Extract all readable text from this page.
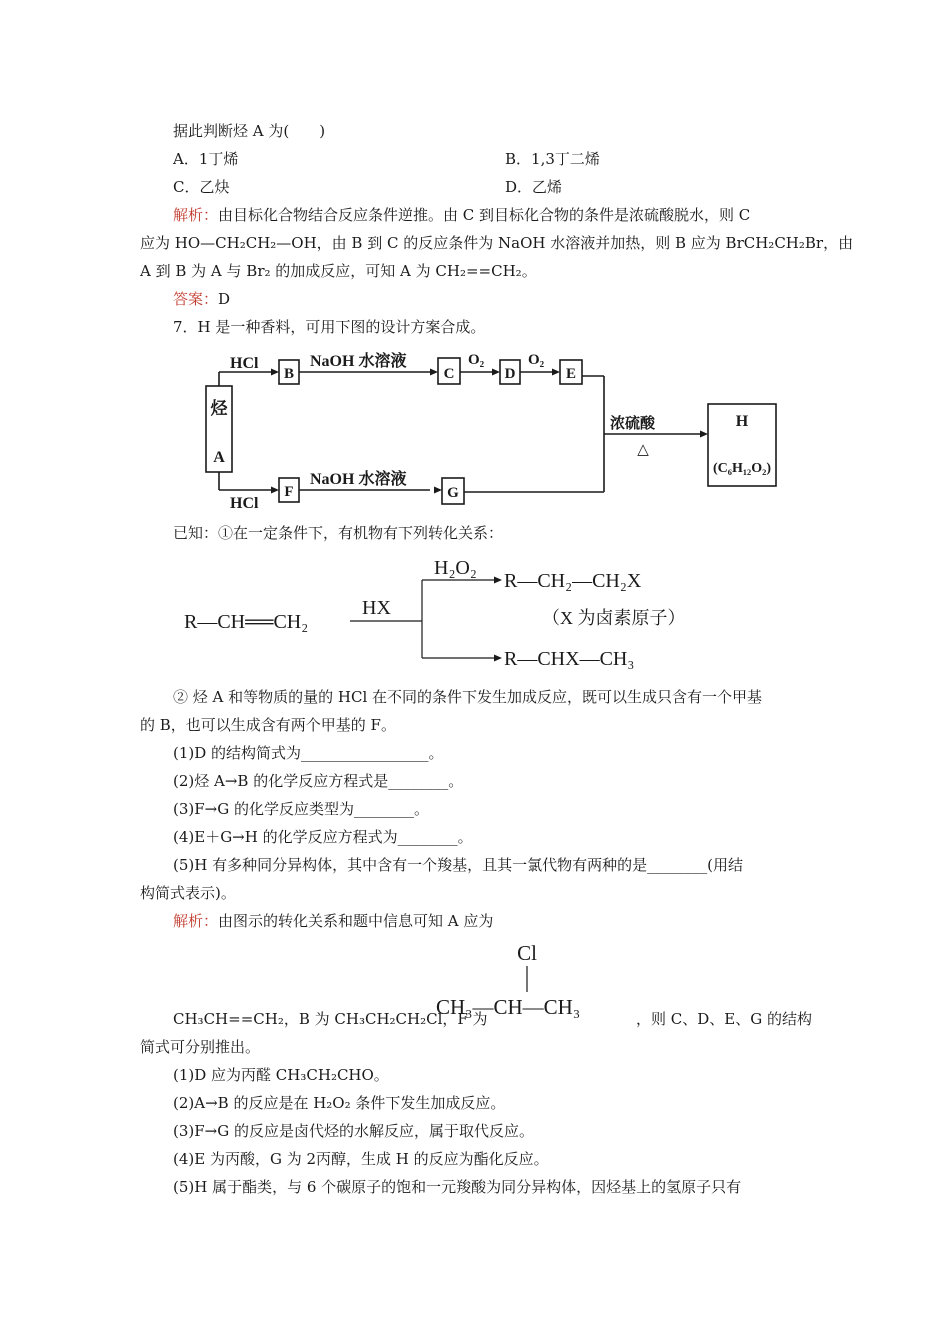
据此判断烃 A 为(　　)
A．1丁烯	B．1,3丁二烯
C．乙炔	D．乙烯
解析：由目标化合物结合反应条件逆推。由 C 到目标化合物的条件是浓硫酸脱水，则 C
应为 HO—CH₂CH₂—OH，由 B 到 C 的反应条件为 NaOH 水溶液并加热，则 B 应为 BrCH₂CH₂Br，由
A 到 B 为 A 与 Br₂ 的加成反应，可知 A 为 CH₂==CH₂。
答案：D
7．H 是一种香料，可用下图的设计方案合成。
HCl
B
NaOH 水溶液
C
O₂
D
O₂
E
烃
A
HCl
F
NaOH 水溶液
G
浓硫酸
△
H
(C₆H₁₂O₂)
已知：①在一定条件下，有机物有下列转化关系：
R—CH══CH₂
HX
H₂O₂
R—CH₂—CH₂X
（X 为卤素原子）
R—CHX—CH₃
② 烃 A 和等物质的量的 HCl 在不同的条件下发生加成反应，既可以生成只含有一个甲基
的 B，也可以生成含有两个甲基的 F。
(1)D 的结构简式为_________________。
(2)烃 A→B 的化学反应方程式是________。
(3)F→G 的化学反应类型为________。
(4)E＋G→H 的化学反应方程式为________。
(5)H 有多种同分异构体，其中含有一个羧基，且其一氯代物有两种的是________(用结
构简式表示)。
解析：由图示的转化关系和题中信息可知 A 应为
Cl
CH₃—CH—CH₃
CH₃CH==CH₂，B 为 CH₃CH₂CH₂Cl，F 为	，则 C、D、E、G 的结构
简式可分别推出。
(1)D 应为丙醛 CH₃CH₂CHO。
(2)A→B 的反应是在 H₂O₂ 条件下发生加成反应。
(3)F→G 的反应是卤代烃的水解反应，属于取代反应。
(4)E 为丙酸，G 为 2丙醇，生成 H 的反应为酯化反应。
(5)H 属于酯类，与 6 个碳原子的饱和一元羧酸为同分异构体，因烃基上的氢原子只有
